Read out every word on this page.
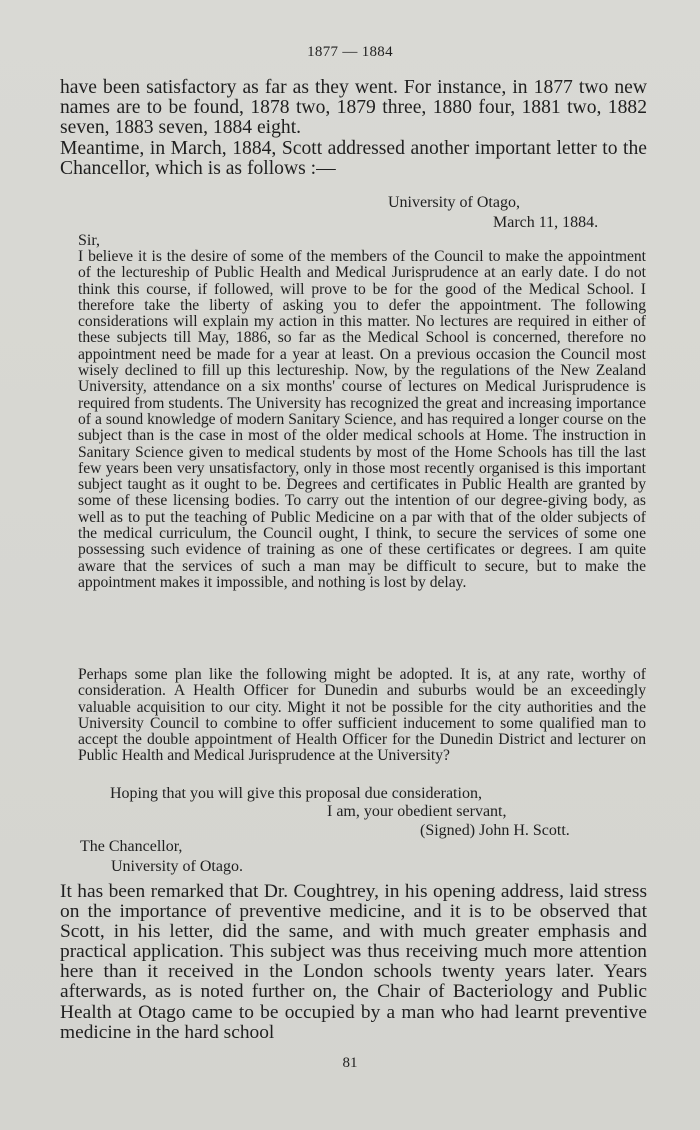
1877 — 1884

have been satisfactory as far as they went. For instance, in 1877 two new names are to be found, 1878 two, 1879 three, 1880 four, 1881 two, 1882 seven, 1883 seven, 1884 eight.

Meantime, in March, 1884, Scott addressed another important letter to the Chancellor, which is as follows :—

University of Otago,
March 11, 1884.
Sir,

I believe it is the desire of some of the members of the Council to make the appointment of the lectureship of Public Health and Medical Jurisprudence at an early date. I do not think this course, if followed, will prove to be for the good of the Medical School. I therefore take the liberty of asking you to defer the appointment. The following considerations will explain my action in this matter. No lectures are required in either of these subjects till May, 1886, so far as the Medical School is concerned, therefore no appointment need be made for a year at least. On a previous occasion the Council most wisely declined to fill up this lectureship. Now, by the regulations of the New Zealand University, attendance on a six months' course of lectures on Medical Jurisprudence is required from students. The University has recognized the great and increasing importance of a sound knowledge of modern Sanitary Science, and has required a longer course on the subject than is the case in most of the older medical schools at Home. The instruction in Sanitary Science given to medical students by most of the Home Schools has till the last few years been very unsatisfactory, only in those most recently organised is this important subject taught as it ought to be. Degrees and certificates in Public Health are granted by some of these licensing bodies. To carry out the intention of our degree-giving body, as well as to put the teaching of Public Medicine on a par with that of the older subjects of the medical curriculum, the Council ought, I think, to secure the services of some one possessing such evidence of training as one of these certificates or degrees. I am quite aware that the services of such a man may be difficult to secure, but to make the appointment makes it impossible, and nothing is lost by delay.

Perhaps some plan like the following might be adopted. It is, at any rate, worthy of consideration. A Health Officer for Dunedin and suburbs would be an exceedingly valuable acquisition to our city. Might it not be possible for the city authorities and the University Council to combine to offer sufficient inducement to some qualified man to accept the double appointment of Health Officer for the Dunedin District and lecturer on Public Health and Medical Jurisprudence at the University?

Hoping that you will give this proposal due consideration,
I am, your obedient servant,
(Signed) John H. Scott.
The Chancellor,
University of Otago.

It has been remarked that Dr. Coughtrey, in his opening address, laid stress on the importance of preventive medicine, and it is to be observed that Scott, in his letter, did the same, and with much greater emphasis and practical application. This subject was thus receiving much more attention here than it received in the London schools twenty years later. Years afterwards, as is noted further on, the Chair of Bacteriology and Public Health at Otago came to be occupied by a man who had learnt preventive medicine in the hard school

81
